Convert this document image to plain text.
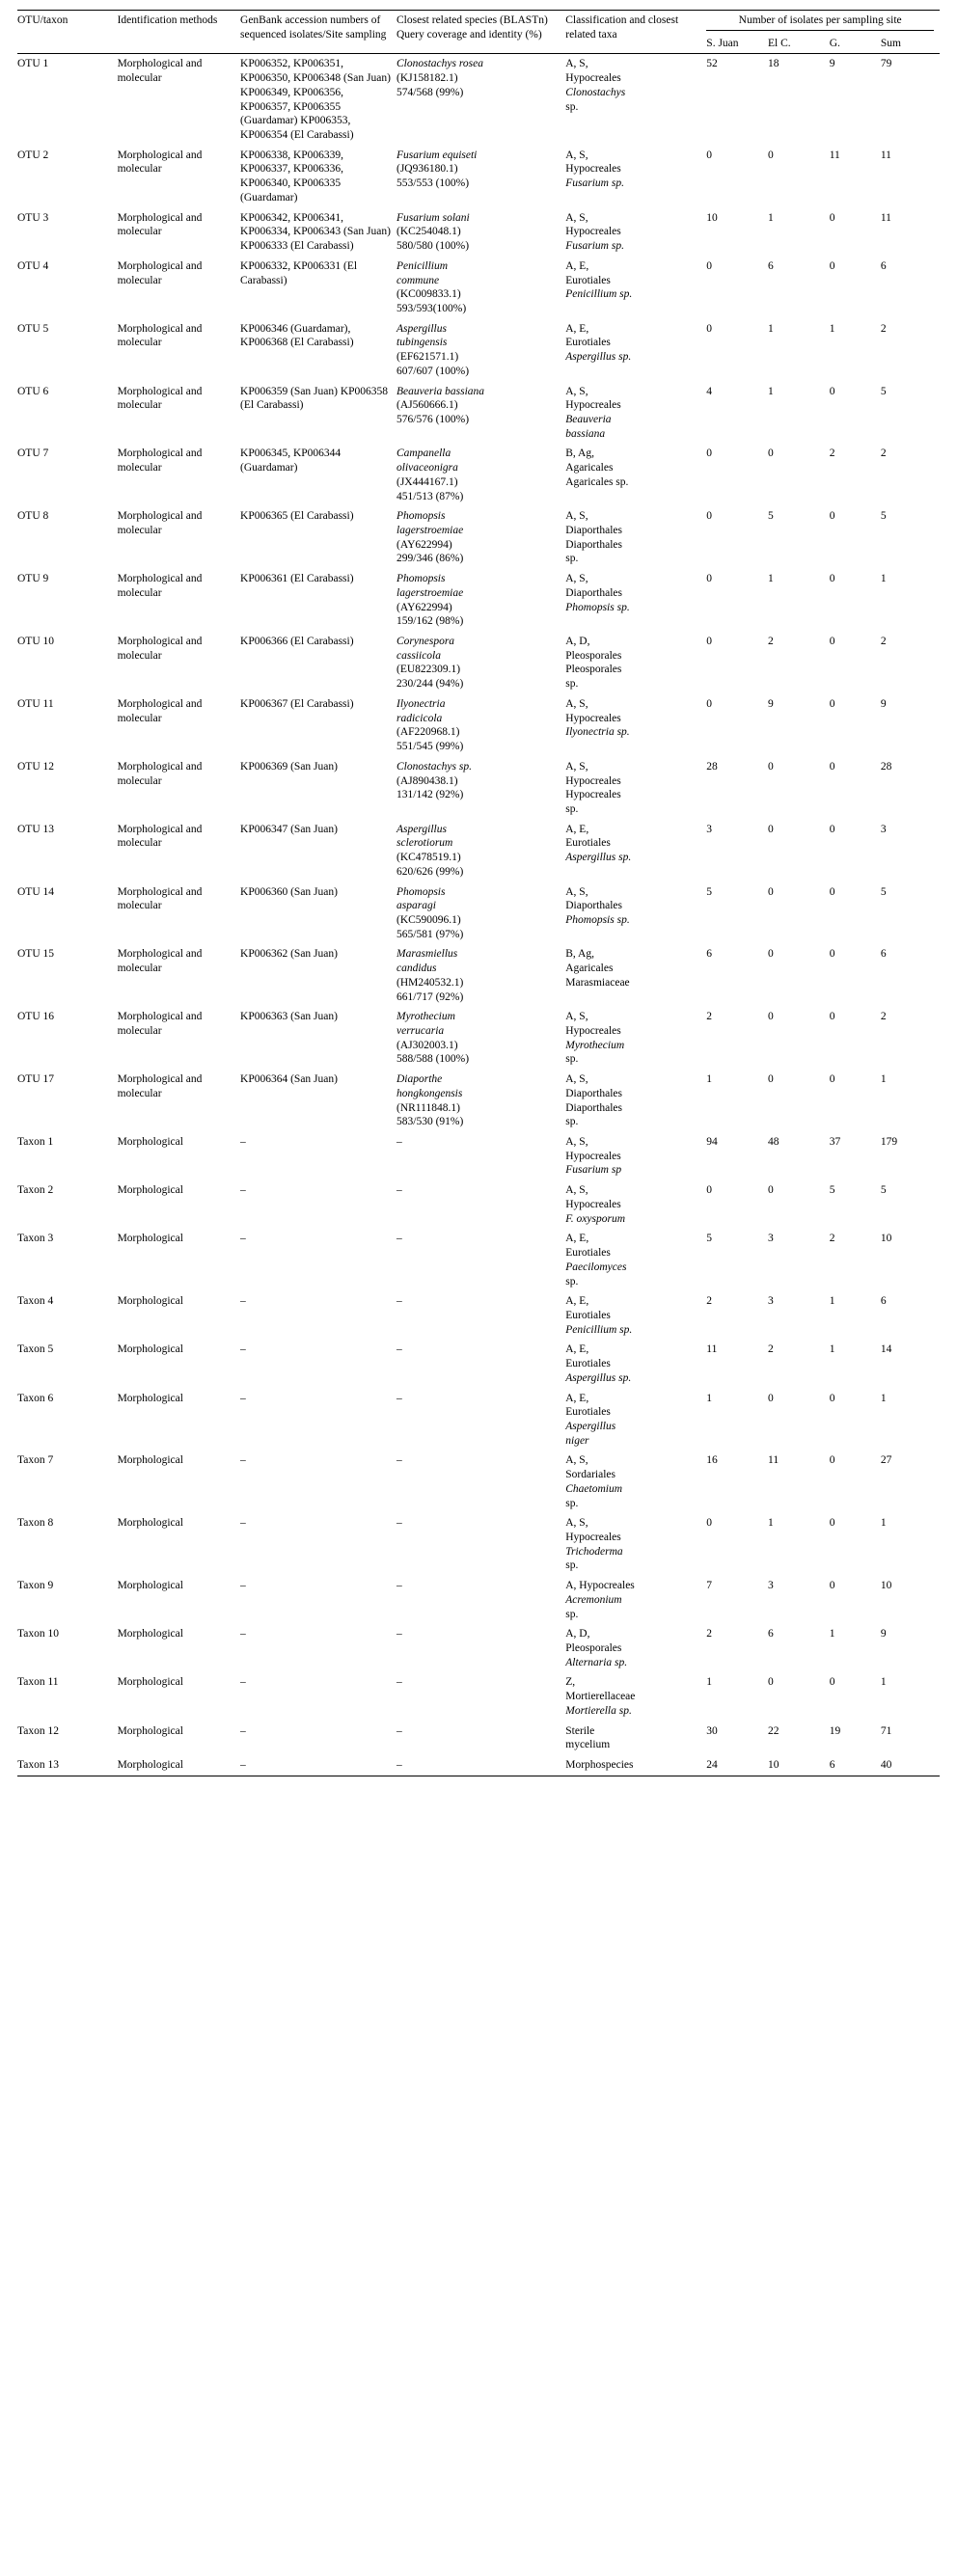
OTU/taxon	Identification methods	GenBank accession numbers of sequenced isolates/Site sampling	Closest related species (BLASTn) Query coverage and identity (%)	Classification and closest related taxa	Number of isolates per sampling site			

					S. Juan	El C.	G.	Sum
OTU 1	Morphological and molecular	KP006352, KP006351, KP006350, KP006348 (San Juan) KP006349, KP006356, KP006357, KP006355 (Guardamar) KP006353, KP006354 (El Carabassi)	Clonostachys rosea
(KJ158182.1)
574/568 (99%)	A, S,
Hypocreales
Clonostachys
sp.	52	18	9	79
OTU 2	Morphological and molecular	KP006338, KP006339, KP006337, KP006336, KP006340, KP006335 (Guardamar)	Fusarium equiseti
(JQ936180.1)
553/553 (100%)	A, S,
Hypocreales
Fusarium sp.	0	0	11	11
OTU 3	Morphological and molecular	KP006342, KP006341, KP006334, KP006343 (San Juan) KP006333 (El Carabassi)	Fusarium solani
(KC254048.1)
580/580 (100%)	A, S,
Hypocreales
Fusarium sp.	10	1	0	11
OTU 4	Morphological and molecular	KP006332, KP006331 (El Carabassi)	Penicillium
commune
(KC009833.1)
593/593(100%)	A, E,
Eurotiales
Penicillium sp.	0	6	0	6
OTU 5	Morphological and molecular	KP006346 (Guardamar), KP006368 (El Carabassi)	Aspergillus
tubingensis
(EF621571.1)
607/607 (100%)	A, E,
Eurotiales
Aspergillus sp.	0	1	1	2
OTU 6	Morphological and molecular	KP006359 (San Juan) KP006358 (El Carabassi)	Beauveria bassiana
(AJ560666.1)
576/576 (100%)	A, S,
Hypocreales
Beauveria
bassiana	4	1	0	5
OTU 7	Morphological and molecular	KP006345, KP006344 (Guardamar)	Campanella
olivaceonigra
(JX444167.1)
451/513 (87%)	B, Ag,
Agaricales
Agaricales sp.	0	0	2	2
OTU 8	Morphological and molecular	KP006365 (El Carabassi)	Phomopsis
lagerstroemiae
(AY622994)
299/346 (86%)	A, S,
Diaporthales
Diaporthales
sp.	0	5	0	5
OTU 9	Morphological and molecular	KP006361 (El Carabassi)	Phomopsis
lagerstroemiae
(AY622994)
159/162 (98%)	A, S,
Diaporthales
Phomopsis sp.	0	1	0	1
OTU 10	Morphological and molecular	KP006366 (El Carabassi)	Corynespora
cassiicola
(EU822309.1)
230/244 (94%)	A, D,
Pleosporales
Pleosporales
sp.	0	2	0	2
OTU 11	Morphological and molecular	KP006367 (El Carabassi)	Ilyonectria
radicicola
(AF220968.1)
551/545 (99%)	A, S,
Hypocreales
Ilyonectria sp.	0	9	0	9
OTU 12	Morphological and molecular	KP006369 (San Juan)	Clonostachys sp.
(AJ890438.1)
131/142 (92%)	A, S,
Hypocreales
Hypocreales
sp.	28	0	0	28
OTU 13	Morphological and molecular	KP006347 (San Juan)	Aspergillus
sclerotiorum
(KC478519.1)
620/626 (99%)	A, E,
Eurotiales
Aspergillus sp.	3	0	0	3
OTU 14	Morphological and molecular	KP006360 (San Juan)	Phomopsis
asparagi
(KC590096.1)
565/581 (97%)	A, S,
Diaporthales
Phomopsis sp.	5	0	0	5
OTU 15	Morphological and molecular	KP006362 (San Juan)	Marasmiellus
candidus
(HM240532.1)
661/717 (92%)	B, Ag,
Agaricales
Marasmiaceae	6	0	0	6
OTU 16	Morphological and molecular	KP006363 (San Juan)	Myrothecium
verrucaria
(AJ302003.1)
588/588 (100%)	A, S,
Hypocreales
Myrothecium
sp.	2	0	0	2
OTU 17	Morphological and molecular	KP006364 (San Juan)	Diaporthe
hongkongensis
(NR111848.1)
583/530 (91%)	A, S,
Diaporthales
Diaporthales
sp.	1	0	0	1
Taxon 1	Morphological	–	–	A, S,
Hypocreales
Fusarium sp	94	48	37	179
Taxon 2	Morphological	–	–	A, S,
Hypocreales
F. oxysporum	0	0	5	5
Taxon 3	Morphological	–	–	A, E,
Eurotiales
Paecilomyces
sp.	5	3	2	10
Taxon 4	Morphological	–	–	A, E,
Eurotiales
Penicillium sp.	2	3	1	6
Taxon 5	Morphological	–	–	A, E,
Eurotiales
Aspergillus sp.	11	2	1	14
Taxon 6	Morphological	–	–	A, E,
Eurotiales
Aspergillus
niger	1	0	0	1
Taxon 7	Morphological	–	–	A, S,
Sordariales
Chaetomium
sp.	16	11	0	27
Taxon 8	Morphological	–	–	A, S,
Hypocreales
Trichoderma
sp.	0	1	0	1
Taxon 9	Morphological	–	–	A, Hypocreales
Acremonium
sp.	7	3	0	10
Taxon 10	Morphological	–	–	A, D,
Pleosporales
Alternaria sp.	2	6	1	9
Taxon 11	Morphological	–	–	Z,
Mortierellaceae
Mortierella sp.	1	0	0	1
Taxon 12	Morphological	–	–	Sterile
mycelium	30	22	19	71
Taxon 13	Morphological	–	–	Morphospecies	24	10	6	40
